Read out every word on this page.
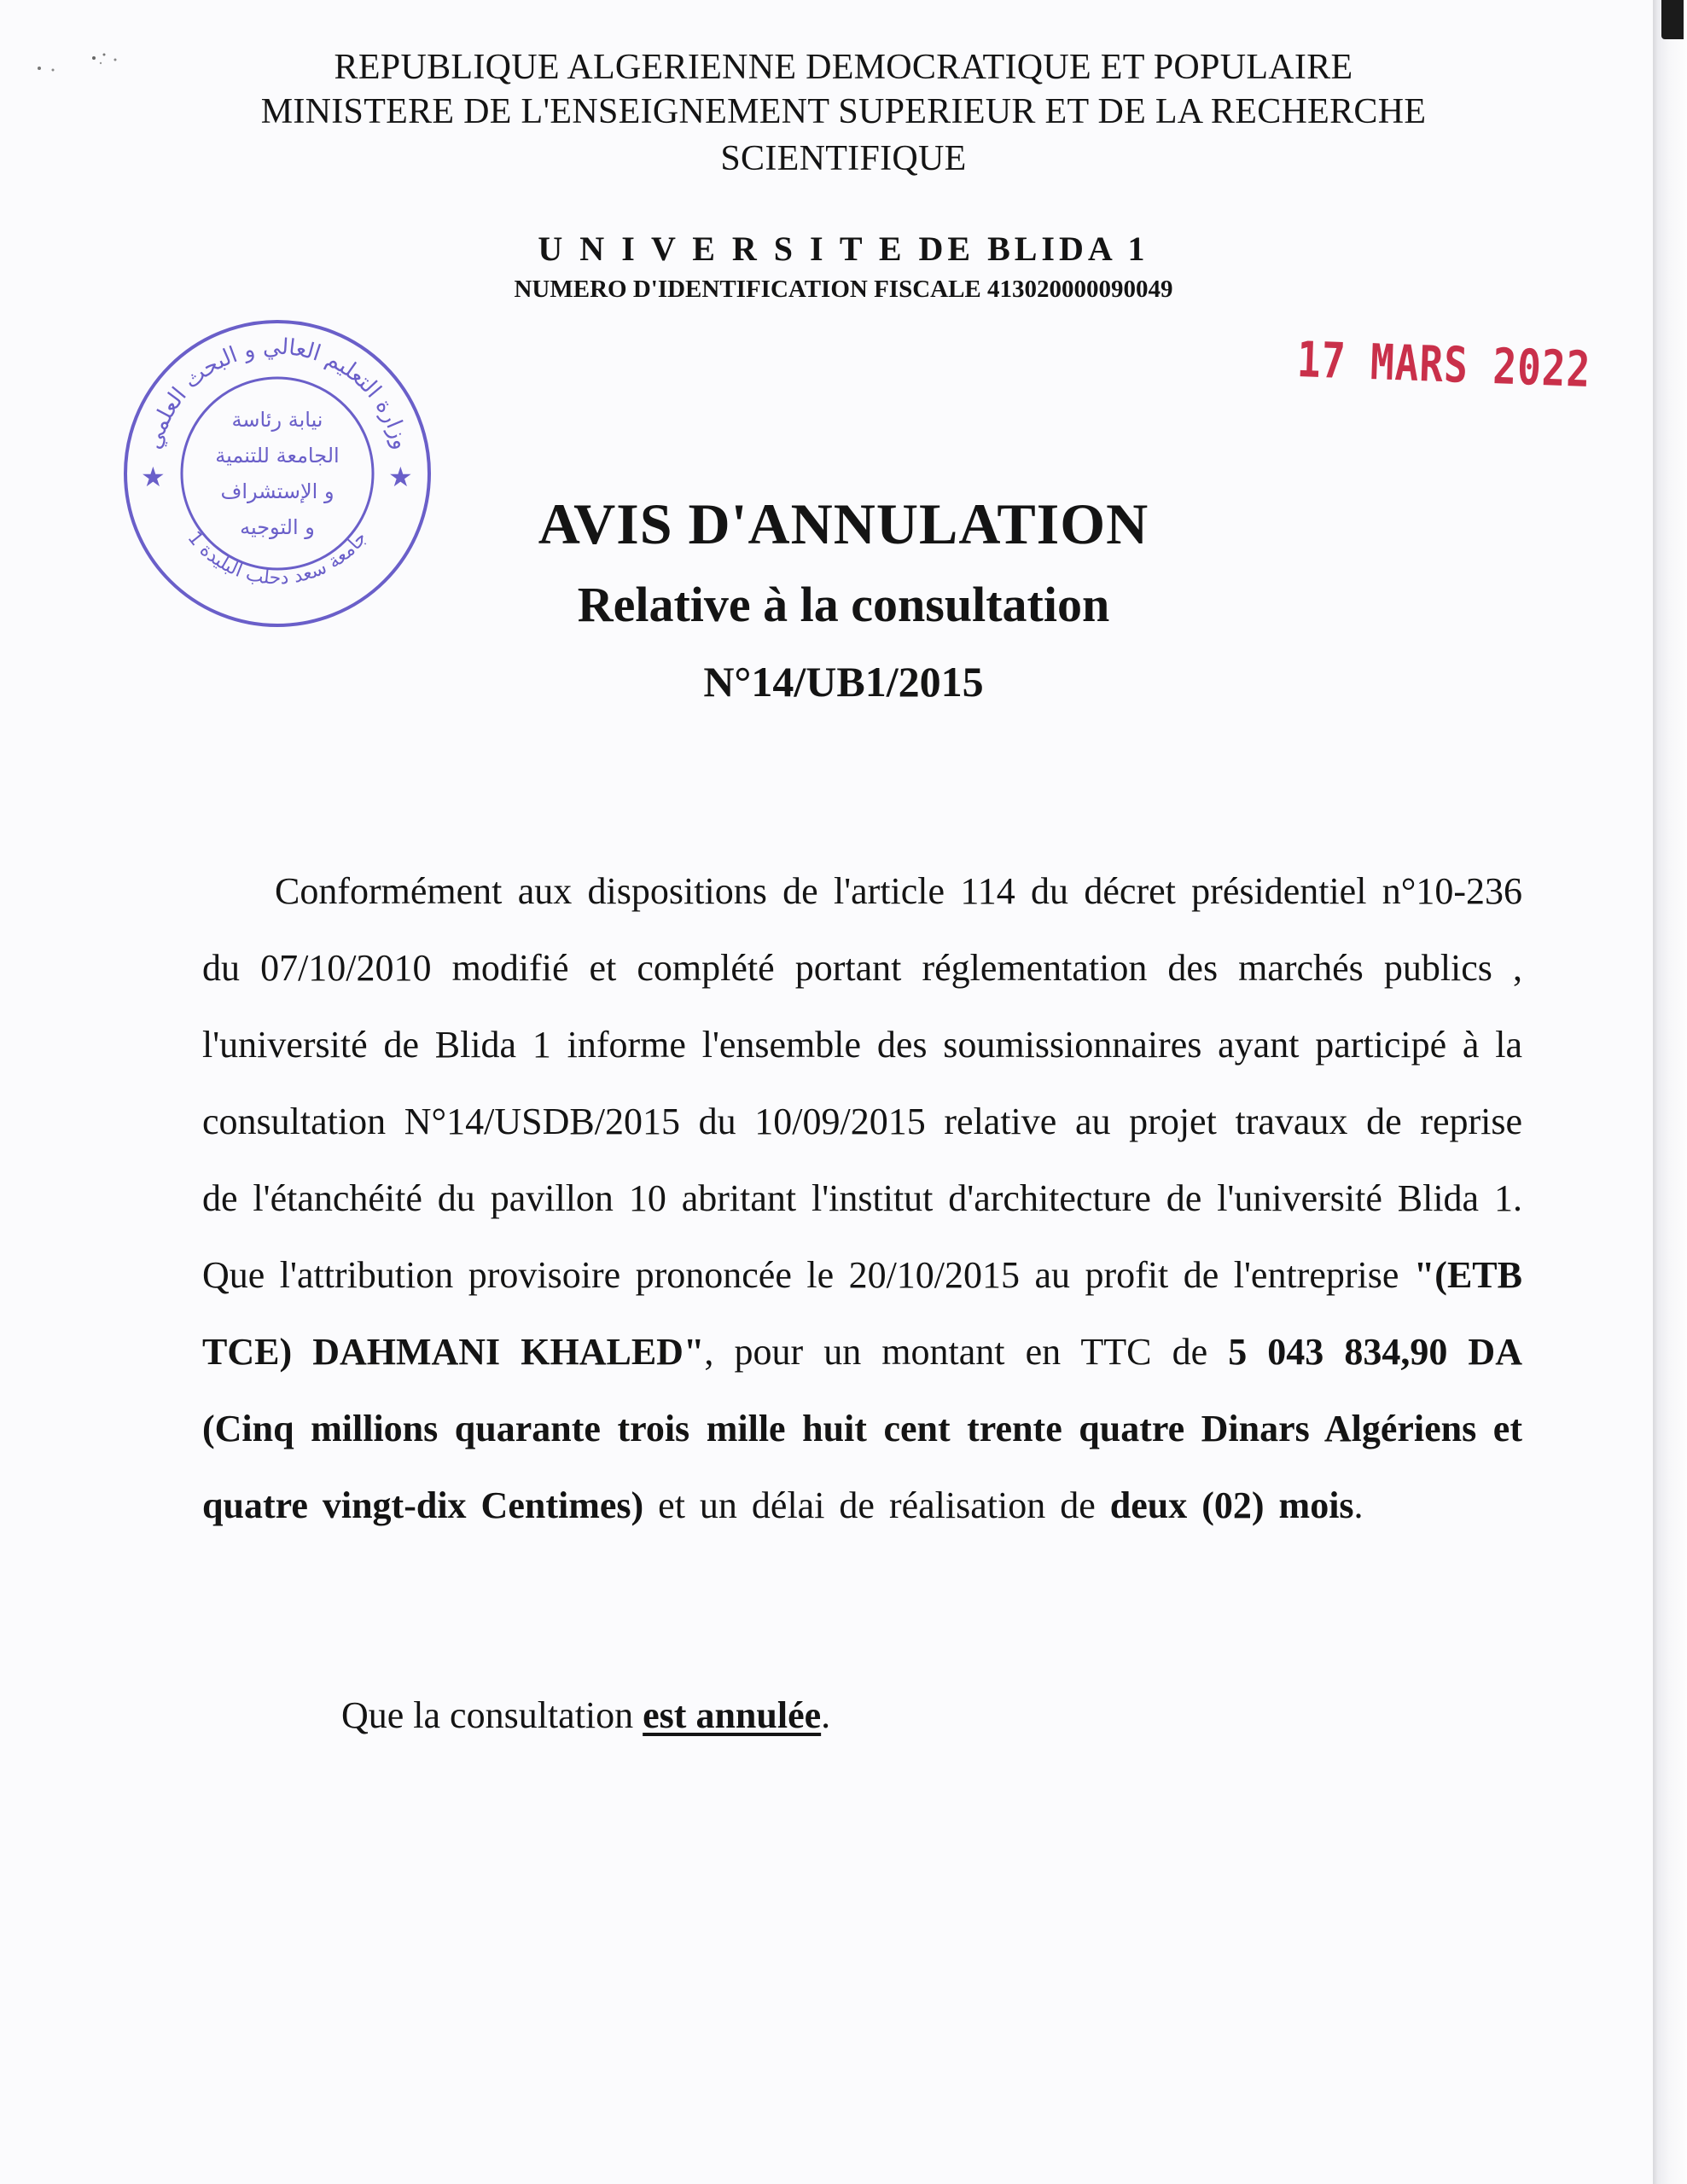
REPUBLIQUE ALGERIENNE DEMOCRATIQUE ET POPULAIRE
MINISTERE DE L'ENSEIGNEMENT SUPERIEUR ET DE LA RECHERCHE
SCIENTIFIQUE
U N I V E R S I T E DE BLIDA 1
NUMERO D'IDENTIFICATION FISCALE 413020000090049
17 MARS 2022
وزارة التعليم العالي و البحث العلمي
جامعة سعد دحلب البليدة 1
★	★
نيابة رئاسة
الجامعة للتنمية
و الإستشراف
و التوجيه	AVIS D'ANNULATION
Relative à la consultation
N°14/UB1/2015

Conformément aux dispositions de l'article 114 du décret présidentiel n°10-236 du 07/10/2010 modifié et complété portant réglementation des marchés publics , l'université de Blida 1 informe l'ensemble des soumissionnaires ayant participé à la consultation N°14/USDB/2015 du 10/09/2015 relative au projet travaux de reprise de l'étanchéité du pavillon 10 abritant l'institut d'architecture de l'université Blida 1. Que l'attribution provisoire prononcée le 20/10/2015 au profit de l'entreprise "(ETB TCE) DAHMANI KHALED", pour un montant en TTC de 5 043 834,90 DA (Cinq millions quarante trois mille huit cent trente quatre Dinars Algériens et quatre vingt-dix Centimes) et un délai de réalisation de deux (02) mois.

Que la consultation est annulée.
